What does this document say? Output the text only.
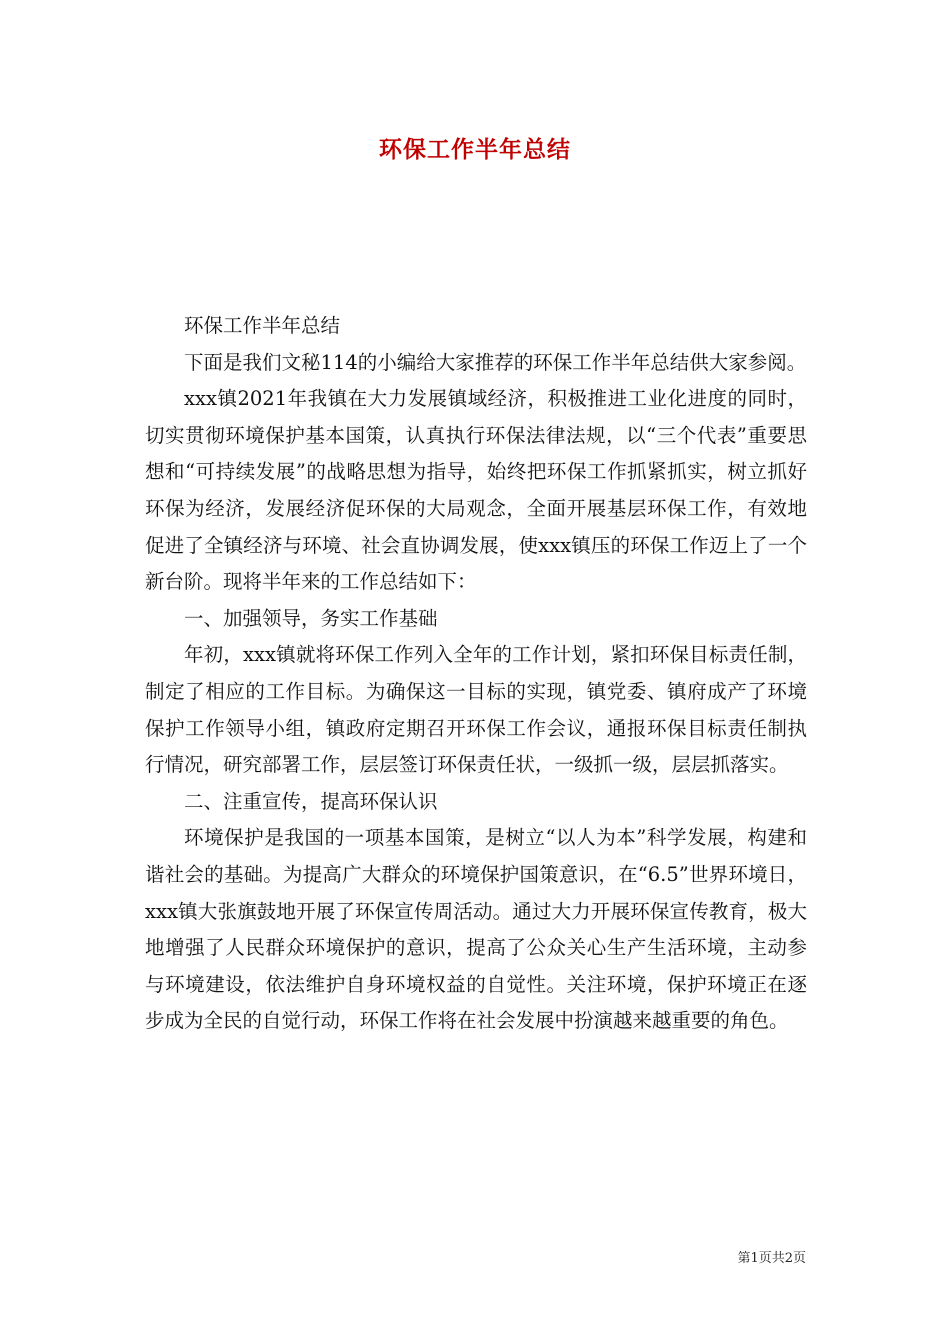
环保工作半年总结

环保工作半年总结

下面是我们文秘114的小编给大家推荐的环保工作半年总结供大家参阅。

xxx镇2021年我镇在大力发展镇域经济，积极推进工业化进度的同时，切实贯彻环境保护基本国策，认真执行环保法律法规，以“三个代表”重要思想和“可持续发展”的战略思想为指导，始终把环保工作抓紧抓实，树立抓好环保为经济，发展经济促环保的大局观念，全面开展基层环保工作，有效地促进了全镇经济与环境、社会直协调发展，使xxx镇压的环保工作迈上了一个新台阶。现将半年来的工作总结如下：

一、加强领导，务实工作基础

年初，xxx镇就将环保工作列入全年的工作计划，紧扣环保目标责任制，制定了相应的工作目标。为确保这一目标的实现，镇党委、镇府成产了环境保护工作领导小组，镇政府定期召开环保工作会议，通报环保目标责任制执行情况，研究部署工作，层层签订环保责任状，一级抓一级，层层抓落实。

二、注重宣传，提高环保认识

环境保护是我国的一项基本国策，是树立“以人为本”科学发展，构建和谐社会的基础。为提高广大群众的环境保护国策意识，在“6.5”世界环境日，xxx镇大张旗鼓地开展了环保宣传周活动。通过大力开展环保宣传教育，极大地增强了人民群众环境保护的意识，提高了公众关心生产生活环境，主动参与环境建设，依法维护自身环境权益的自觉性。关注环境，保护环境正在逐步成为全民的自觉行动，环保工作将在社会发展中扮演越来越重要的角色。

第1页共2页
